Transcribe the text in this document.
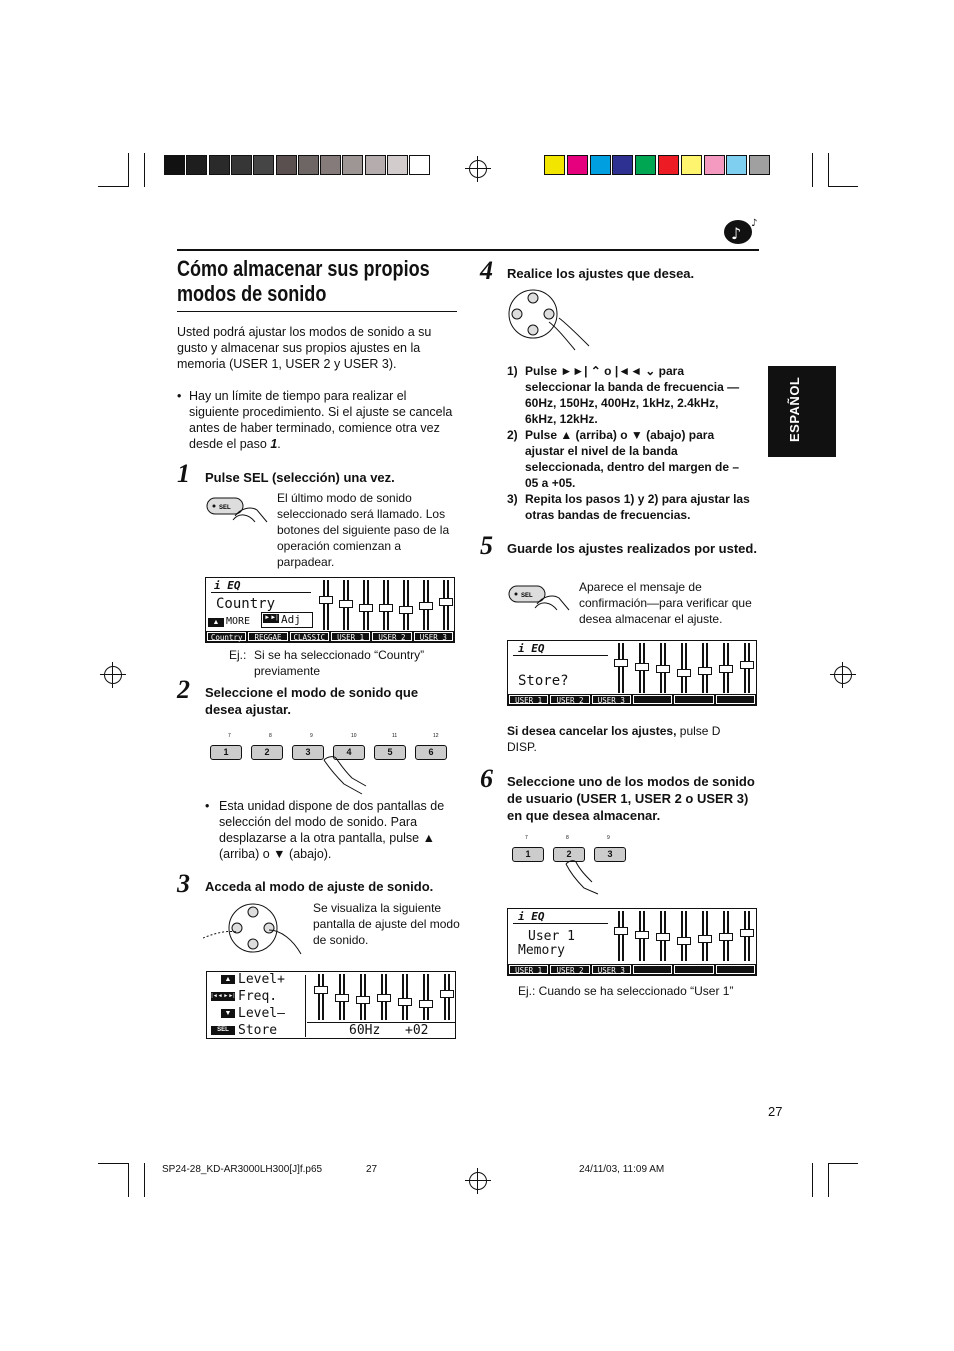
♪
♪
Cómo almacenar sus propios
modos de sonido
Usted podrá ajustar los modos de sonido a su gusto y almacenar sus propios ajustes en la memoria (USER 1, USER 2 y USER 3).
• Hay un límite de tiempo para realizar el siguiente procedimiento. Si el ajuste se cancela antes de haber terminado, comience otra vez desde el paso 1.
1 Pulse SEL (selección) una vez.
SEL
El último modo de sonido seleccionado será llamado. Los botones del siguiente paso de la operación comienzan a parpadear.
i EQ
Country
▲ MORE ►►| Adj
Country	REGGAE	CLASSIC	USER 1	USER 2	USER 3
Ej.: Si se ha seleccionado “Country” previamente
2 Seleccione el modo de sonido que desea ajustar.
7
1
8
2
9
3
10
4
11
5
12
6
• Esta unidad dispone de dos pantallas de selección del modo de sonido. Para desplazarse a la otra pantalla, pulse ▲ (arriba) o ▼ (abajo).
3 Acceda al modo de ajuste de sonido.
Se visualiza la siguiente pantalla de ajuste del modo de sonido.
▲ Level+
|◄◄ ►►| Freq.
▼ Level–
SEL Store	60Hz +02
4 Realice los ajustes que desea.
1) Pulse ►►| ⌃ o |◄◄ ⌄ para seleccionar la banda de frecuencia —60Hz, 150Hz, 400Hz, 1kHz, 2.4kHz, 6kHz, 12kHz.
2) Pulse ▲ (arriba) o ▼ (abajo) para ajustar el nivel de la banda seleccionada, dentro del margen de –05 a +05.
3) Repita los pasos 1) y 2) para ajustar las otras bandas de frecuencias.
5 Guarde los ajustes realizados por usted.
SEL
Aparece el mensaje de confirmación—para verificar que desea almacenar el ajuste.
i EQ
Store?
USER 1	USER 2	USER 3
Si desea cancelar los ajustes, pulse D DISP.
6 Seleccione uno de los modos de sonido de usuario (USER 1, USER 2 o USER 3) en que desea almacenar.
7
1
8
2
9
3
i EQ
User 1
Memory
USER 1	USER 2	USER 3
Ej.: Cuando se ha seleccionado “User 1”
ESPAÑOL
27
SP24-28_KD-AR3000LH300[J]f.p65	27	24/11/03, 11:09 AM
